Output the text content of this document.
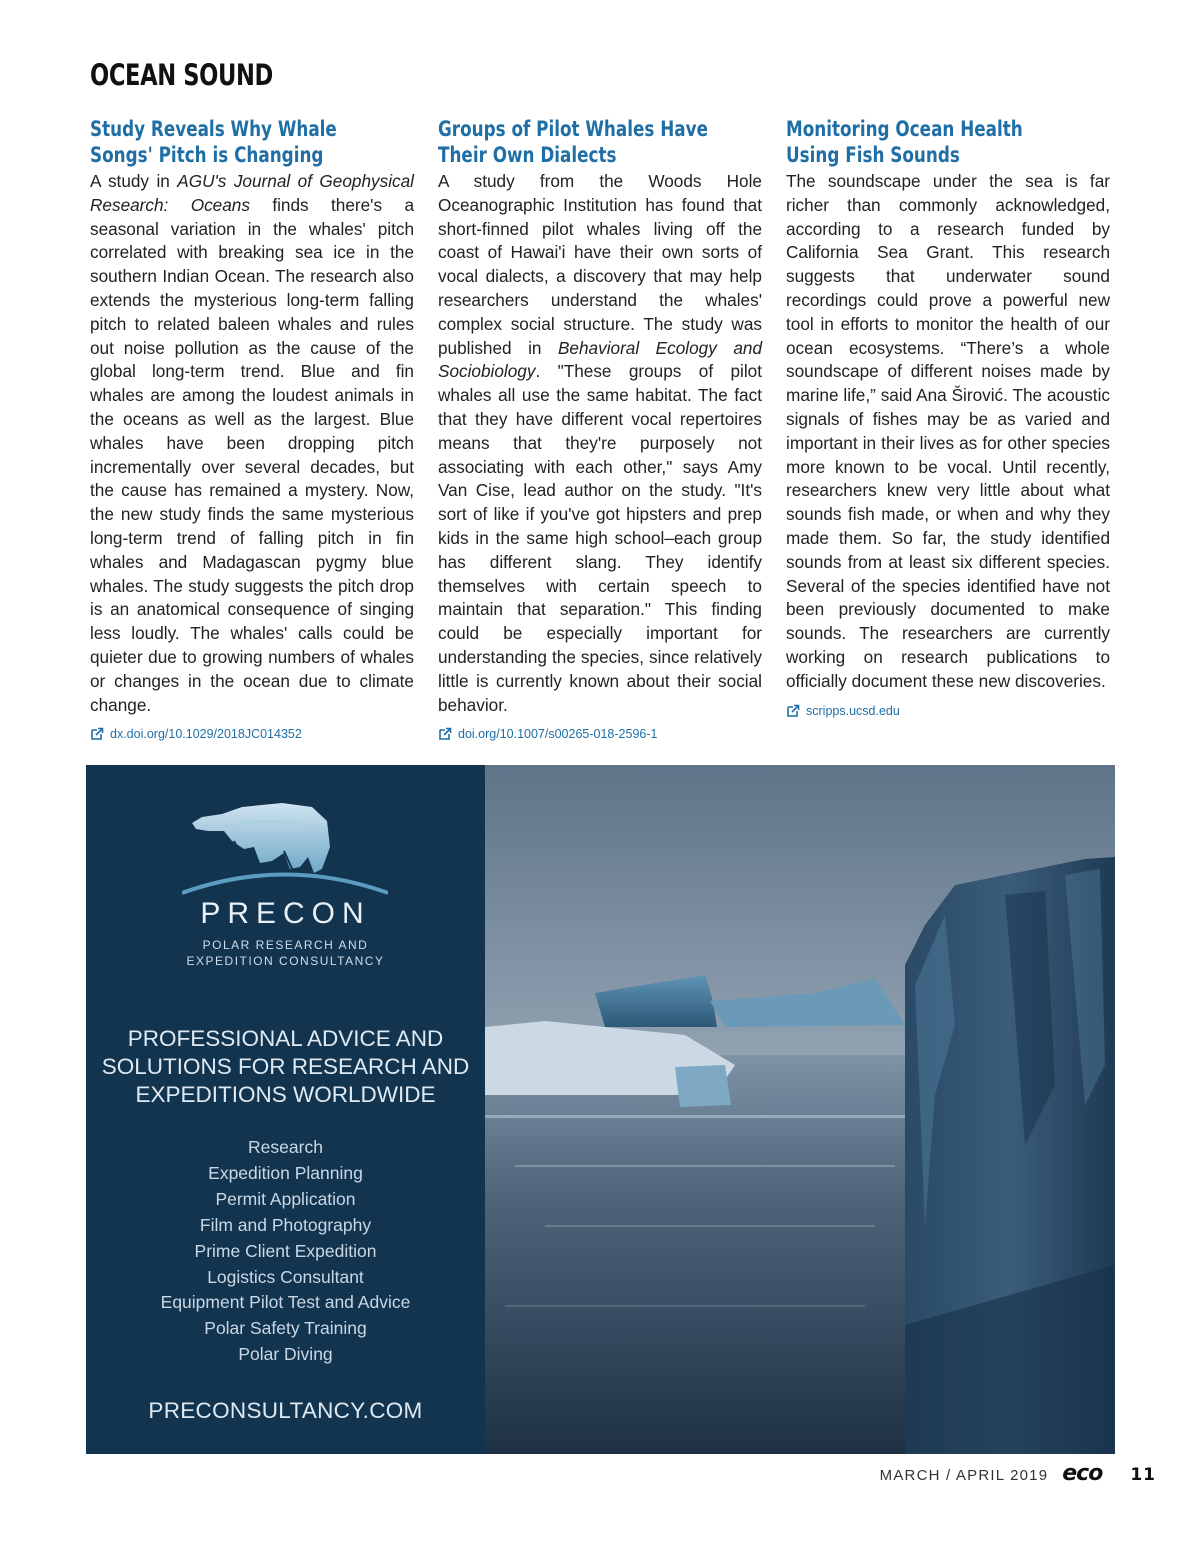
OCEAN SOUND
Study Reveals Why Whale
Songs' Pitch is Changing

A study in AGU's Journal of Geophysical Research: Oceans finds there's a seasonal variation in the whales' pitch correlated with breaking sea ice in the southern Indian Ocean. The research also extends the mysterious long-term falling pitch to related baleen whales and rules out noise pollution as the cause of the global long-term trend. Blue and fin whales are among the loudest animals in the oceans as well as the largest. Blue whales have been dropping pitch incrementally over several decades, but the cause has remained a mystery. Now, the new study finds the same mysterious long-term trend of falling pitch in fin whales and Madagascan pygmy blue whales. The study suggests the pitch drop is an anatomical consequence of singing less loudly. The whales' calls could be quieter due to growing numbers of whales or changes in the ocean due to climate change.

dx.doi.org/10.1029/2018JC014352
Groups of Pilot Whales Have
Their Own Dialects

A study from the Woods Hole Oceanographic Institution has found that short-finned pilot whales living off the coast of Hawai'i have their own sorts of vocal dialects, a discovery that may help researchers understand the whales' complex social structure. The study was published in Behavioral Ecology and Sociobiology. "These groups of pilot whales all use the same habitat. The fact that they have different vocal repertoires means that they're purposely not associating with each other," says Amy Van Cise, lead author on the study. "It's sort of like if you've got hipsters and prep kids in the same high school–each group has different slang. They identify themselves with certain speech to maintain that separation." This finding could be especially important for understanding the species, since relatively little is currently known about their social behavior.

doi.org/10.1007/s00265-018-2596-1
Monitoring Ocean Health
Using Fish Sounds

The soundscape under the sea is far richer than commonly acknowledged, according to a research funded by California Sea Grant. This research suggests that underwater sound recordings could prove a powerful new tool in efforts to monitor the health of our ocean ecosystems. “There’s a whole soundscape of different noises made by marine life,” said Ana Širović. The acoustic signals of fishes may be as varied and important in their lives as for other species more known to be vocal. Until recently, researchers knew very little about what sounds fish made, or when and why they made them. So far, the study identified sounds from at least six different species. Several of the species identified have not been previously documented to make sounds. The researchers are currently working on research publications to officially document these new discoveries.

scripps.ucsd.edu
PRECON
POLAR RESEARCH AND
EXPEDITION CONSULTANCY
PROFESSIONAL ADVICE AND
SOLUTIONS FOR RESEARCH AND
EXPEDITIONS WORLDWIDE
Research
Expedition Planning
Permit Application
Film and Photography
Prime Client Expedition
Logistics Consultant
Equipment Pilot Test and Advice
Polar Safety Training
Polar Diving
PRECONSULTANCY.COM
MARCH / APRIL 2019 eco 11
